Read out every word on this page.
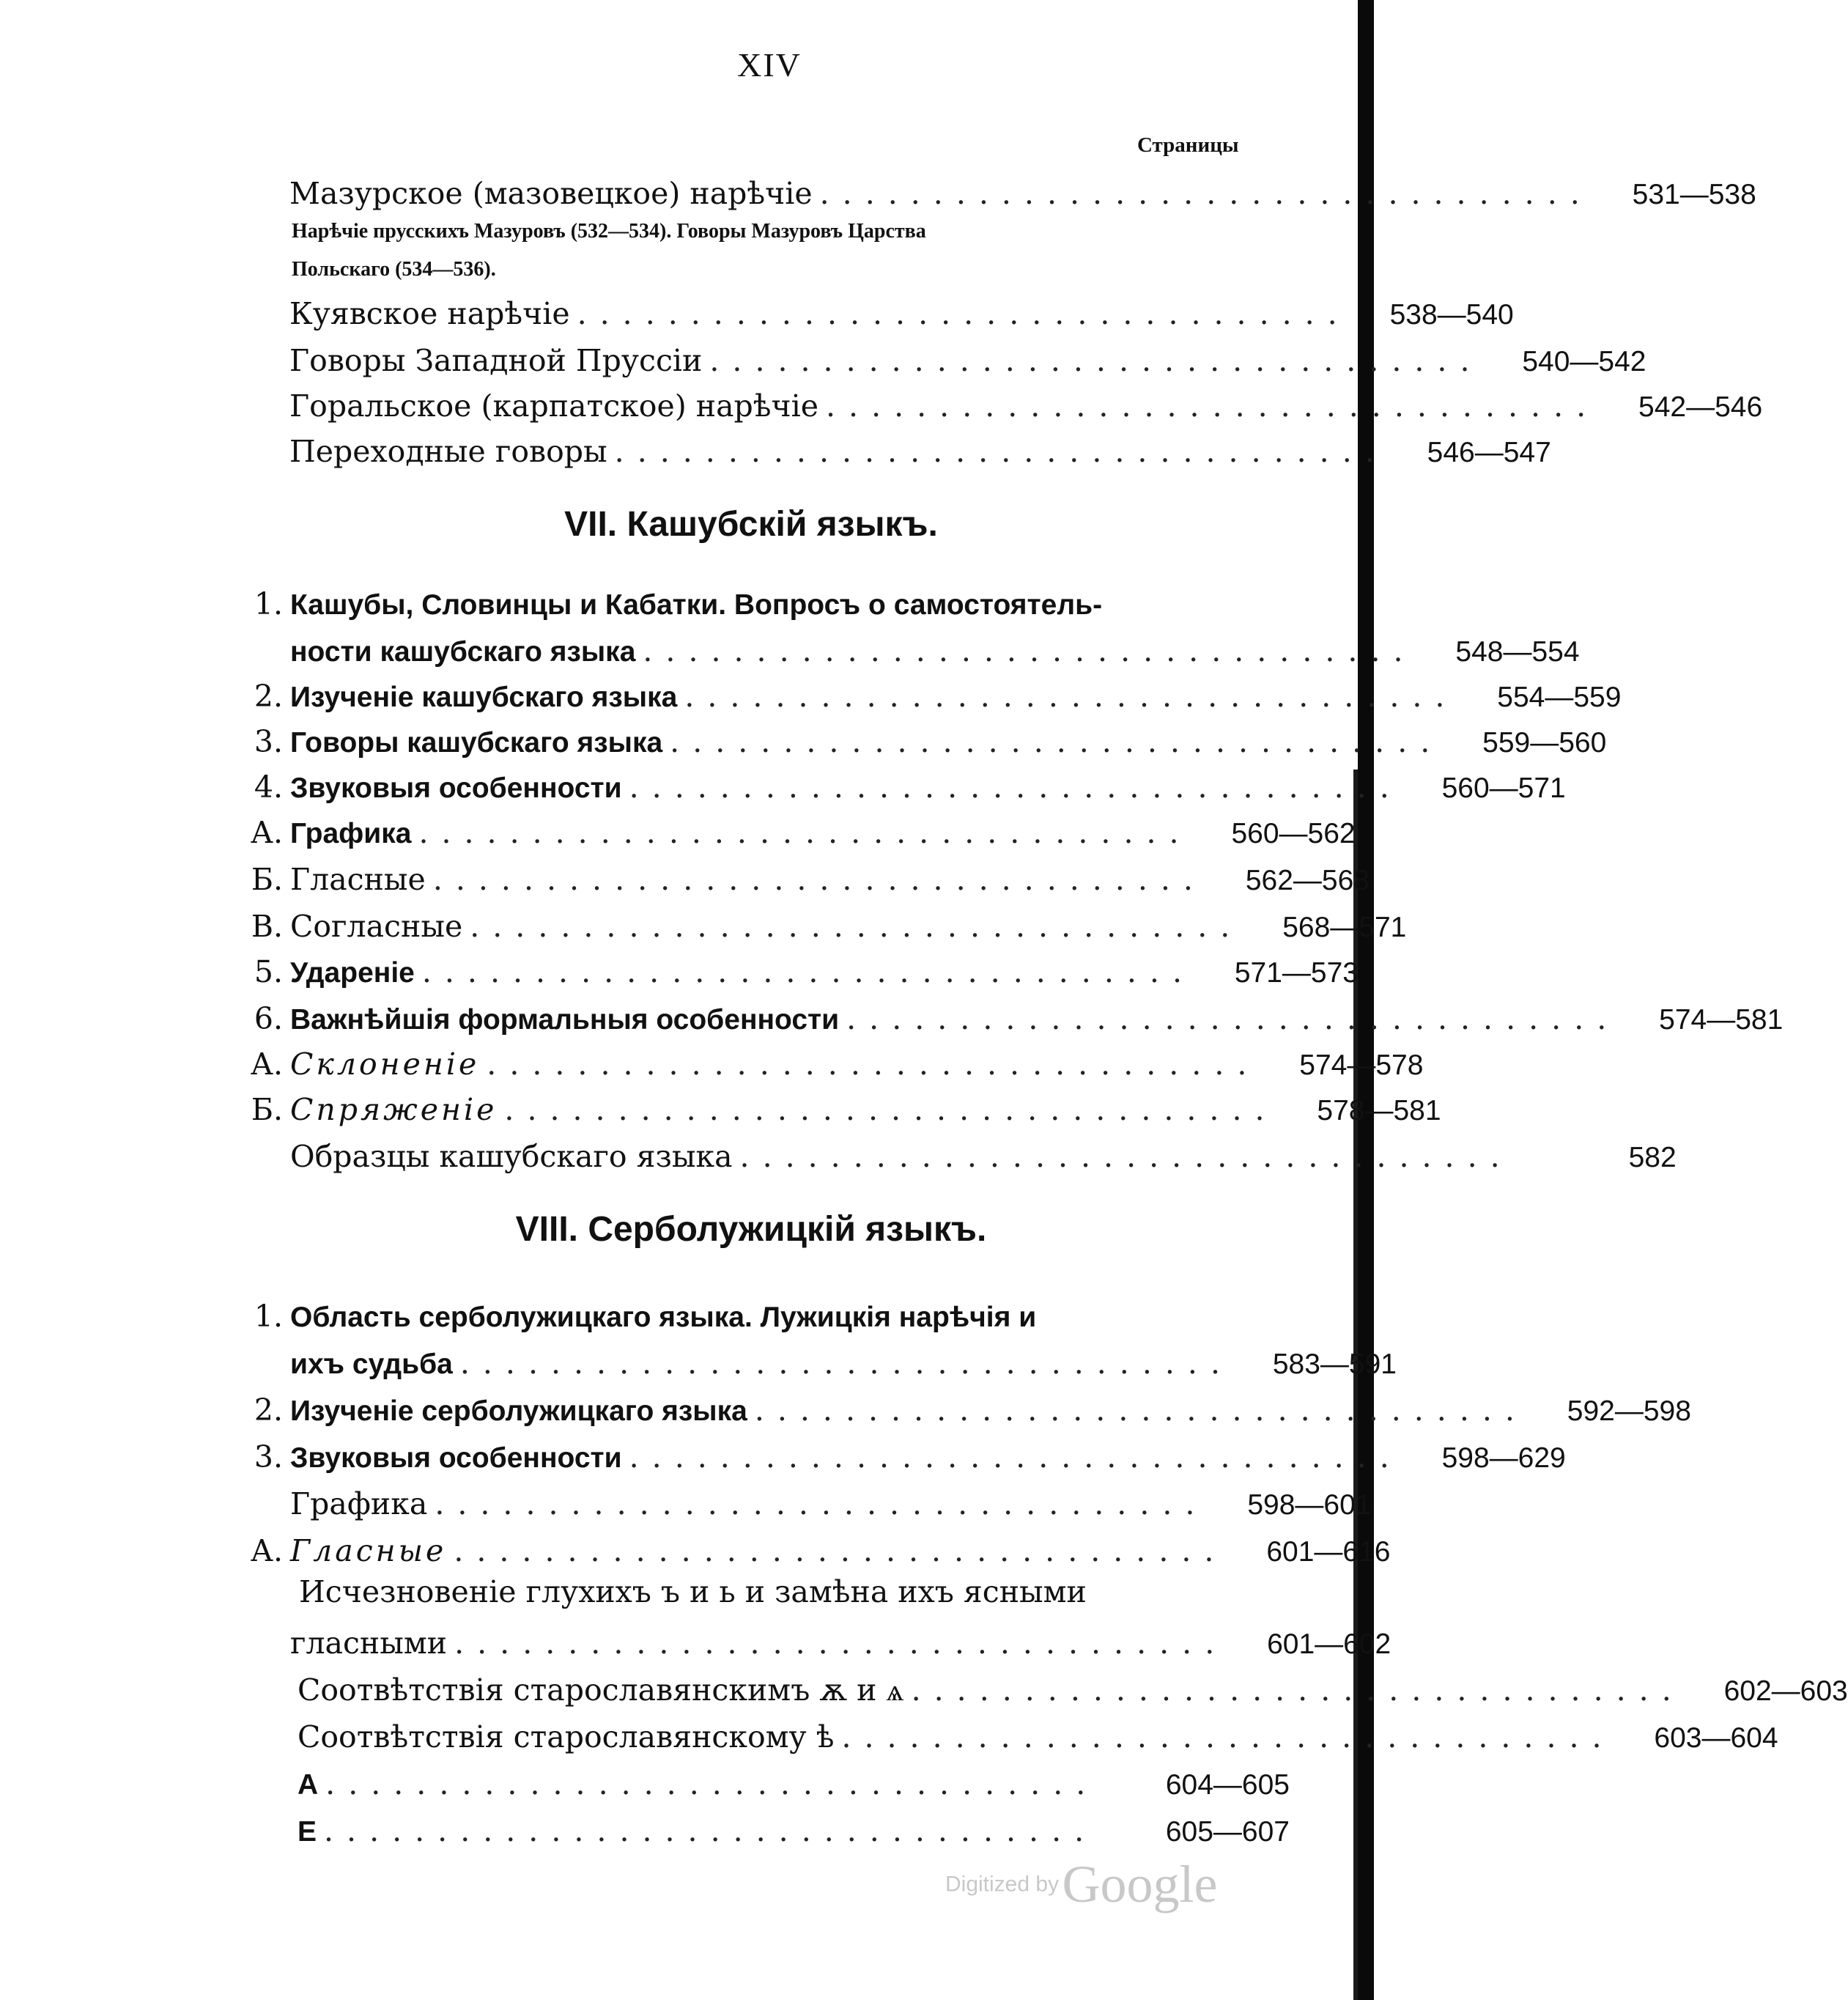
XIV
Страницы
Мазурское (мазовецкое) нарѣчіе ..................................	531—538
Нарѣчіе прусскихъ Мазуровъ (532—534). Говоры Мазуровъ Царства
Польскаго (534—536).
Куявское нарѣчіе ..................................	538—540
Говоры Западной Пруссіи ..................................	540—542
Горальское (карпатское) нарѣчіе ..................................	542—546
Переходные говоры ..................................	546—547
VII. Кашубскій языкъ.
1. Кашубы, Словинцы и Кабатки. Вопросъ о самостоятель-
ности кашубскаго языка ..................................	548—554
2. Изученіе кашубскаго языка ..................................	554—559
3. Говоры кашубскаго языка ..................................	559—560
4. Звуковыя особенности ..................................	560—571
А. Графика ..................................	560—562
Б. Гласные ..................................	562—568
В. Согласные ..................................	568—571
5. Удареніе ..................................	571—573
6. Важнѣйшія формальныя особенности ..................................	574—581
А. Склоненіе ..................................	574—578
Б. Спряженіе ..................................	578—581
Образцы кашубскаго языка ..................................	582
VIII. Серболужицкій языкъ.
1. Область серболужицкаго языка. Лужицкія нарѣчія и
ихъ судьба ..................................	583—591
2. Изученіе серболужицкаго языка ..................................	592—598
3. Звуковыя особенности ..................................	598—629
Графика ..................................	598—601
А. Гласные ..................................	601—616
Исчезновеніе глухихъ ъ и ь и замѣна ихъ ясными
гласными ..................................	601—602
Соотвѣтствія старославянскимъ ѫ и ѧ ..................................	602—603
Соотвѣтствія старославянскому ѣ ..................................	603—604
А ..................................	604—605
Е ..................................	605—607
Digitized by Google
